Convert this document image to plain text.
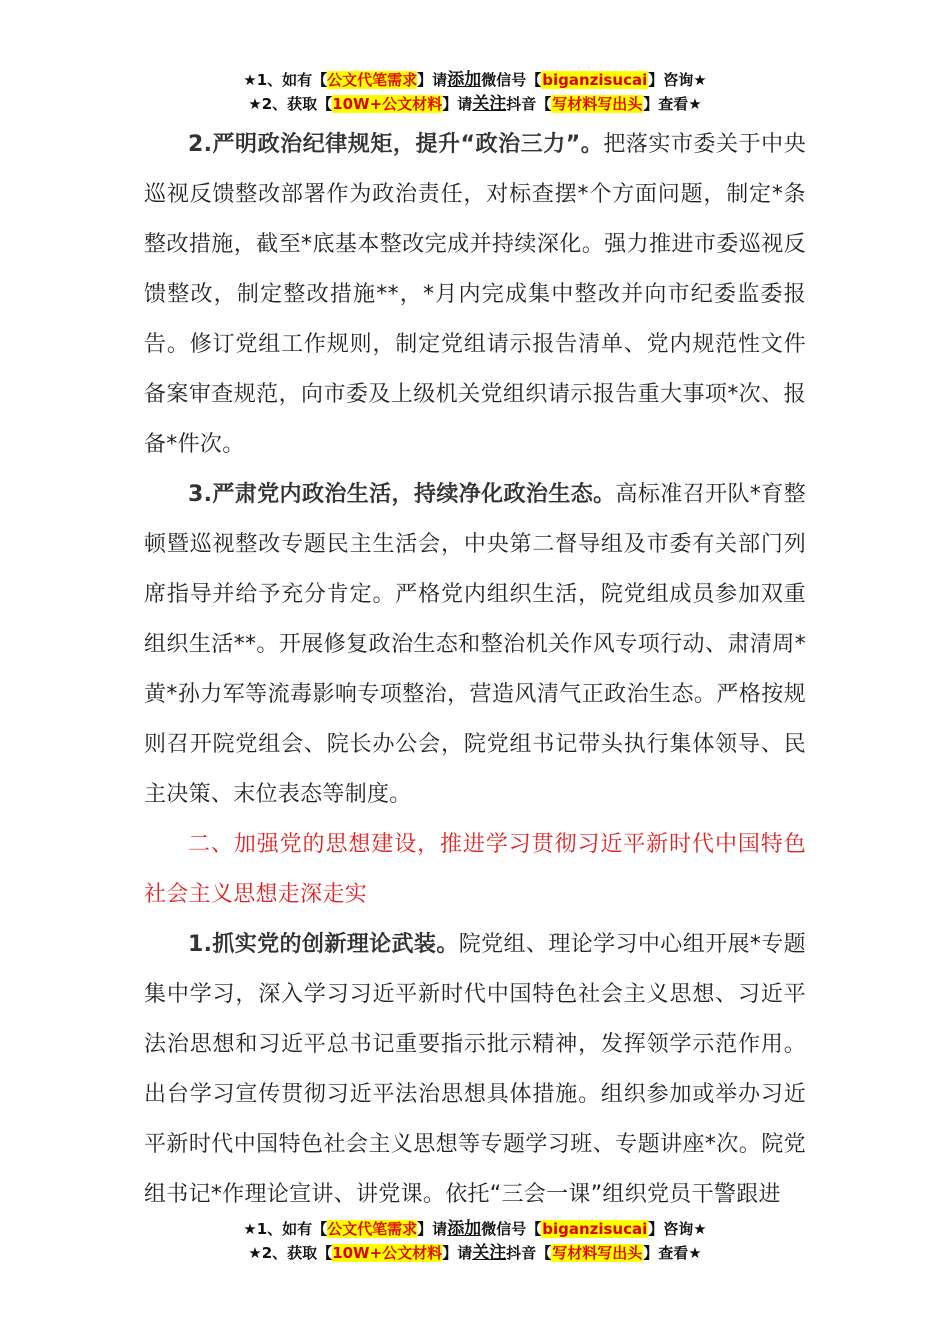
★1、如有【公文代笔需求】请添加微信号【biganzisucai】咨询★
★2、获取【10W+公文材料】请关注抖音【写材料写出头】查看★

2.严明政治纪律规矩，提升“政治三力”。把落实市委关于中央巡视反馈整改部署作为政治责任，对标查摆*个方面问题，制定*条整改措施，截至*底基本整改完成并持续深化。强力推进市委巡视反馈整改，制定整改措施**，*月内完成集中整改并向市纪委监委报告。修订党组工作规则，制定党组请示报告清单、党内规范性文件备案审查规范，向市委及上级机关党组织请示报告重大事项*次、报备*件次。

3.严肃党内政治生活，持续净化政治生态。高标准召开队*育整顿暨巡视整改专题民主生活会，中央第二督导组及市委有关部门列席指导并给予充分肯定。严格党内组织生活，院党组成员参加双重组织生活**。开展修复政治生态和整治机关作风专项行动、肃清周*黄*孙力军等流毒影响专项整治，营造风清气正政治生态。严格按规则召开院党组会、院长办公会，院党组书记带头执行集体领导、民主决策、末位表态等制度。

二、加强党的思想建设，推进学习贯彻习近平新时代中国特色社会主义思想走深走实

1.抓实党的创新理论武装。院党组、理论学习中心组开展*专题集中学习，深入学习习近平新时代中国特色社会主义思想、习近平法治思想和习近平总书记重要指示批示精神，发挥领学示范作用。出台学习宣传贯彻习近平法治思想具体措施。组织参加或举办习近平新时代中国特色社会主义思想等专题学习班、专题讲座*次。院党组书记*作理论宣讲、讲党课。依托“三会一课”组织党员干警跟进

★1、如有【公文代笔需求】请添加微信号【biganzisucai】咨询★
★2、获取【10W+公文材料】请关注抖音【写材料写出头】查看★
